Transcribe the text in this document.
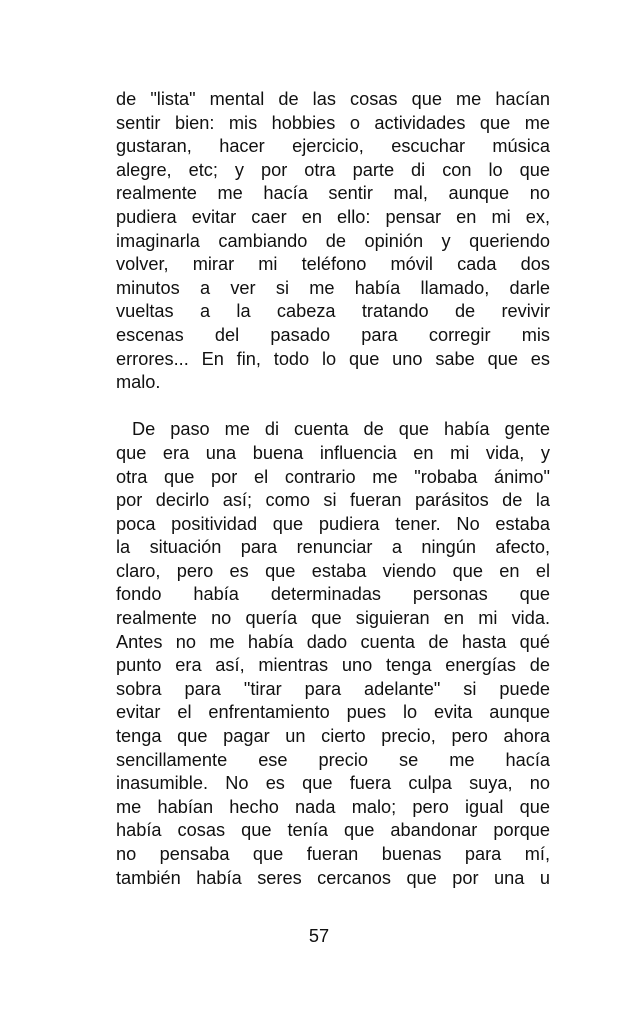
de "lista" mental de las cosas que me hacían
sentir bien: mis hobbies o actividades que me
gustaran, hacer ejercicio, escuchar música
alegre, etc; y por otra parte di con lo que
realmente me hacía sentir mal, aunque no
pudiera evitar caer en ello: pensar en mi ex,
imaginarla cambiando de opinión y queriendo
volver, mirar mi teléfono móvil cada dos
minutos a ver si me había llamado, darle
vueltas a la cabeza tratando de revivir
escenas del pasado para corregir mis
errores... En fin, todo lo que uno sabe que es
malo.
De paso me di cuenta de que había gente
que era una buena influencia en mi vida, y
otra que por el contrario me "robaba ánimo"
por decirlo así; como si fueran parásitos de la
poca positividad que pudiera tener. No estaba
la situación para renunciar a ningún afecto,
claro, pero es que estaba viendo que en el
fondo había determinadas personas que
realmente no quería que siguieran en mi vida.
Antes no me había dado cuenta de hasta qué
punto era así, mientras uno tenga energías de
sobra para "tirar para adelante" si puede
evitar el enfrentamiento pues lo evita aunque
tenga que pagar un cierto precio, pero ahora
sencillamente ese precio se me hacía
inasumible. No es que fuera culpa suya, no
me habían hecho nada malo; pero igual que
había cosas que tenía que abandonar porque
no pensaba que fueran buenas para mí,
también había seres cercanos que por una u
57
